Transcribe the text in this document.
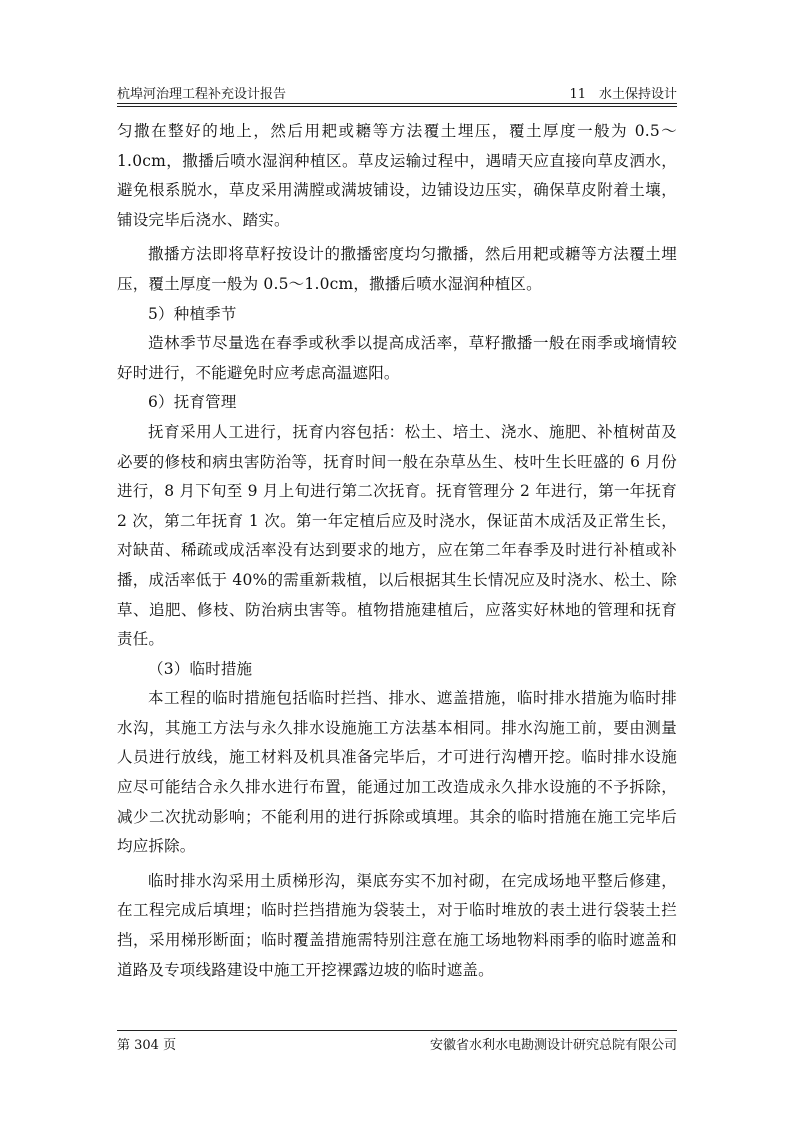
杭埠河治理工程补充设计报告	11　水土保持设计

匀撒在整好的地上，然后用耙或耱等方法覆土埋压，覆土厚度一般为 0.5～1.0cm，撒播后喷水湿润种植区。草皮运输过程中，遇晴天应直接向草皮洒水，避免根系脱水，草皮采用满膛或满坡铺设，边铺设边压实，确保草皮附着土壤，铺设完毕后浇水、踏实。

撒播方法即将草籽按设计的撒播密度均匀撒播，然后用耙或耱等方法覆土埋压，覆土厚度一般为 0.5～1.0cm，撒播后喷水湿润种植区。

5）种植季节

造林季节尽量选在春季或秋季以提高成活率，草籽撒播一般在雨季或墒情较好时进行，不能避免时应考虑高温遮阳。

6）抚育管理

抚育采用人工进行，抚育内容包括：松土、培土、浇水、施肥、补植树苗及必要的修枝和病虫害防治等，抚育时间一般在杂草丛生、枝叶生长旺盛的 6 月份进行，8 月下旬至 9 月上旬进行第二次抚育。抚育管理分 2 年进行，第一年抚育 2 次，第二年抚育 1 次。第一年定植后应及时浇水，保证苗木成活及正常生长，对缺苗、稀疏或成活率没有达到要求的地方，应在第二年春季及时进行补植或补播，成活率低于 40%的需重新栽植，以后根据其生长情况应及时浇水、松土、除草、追肥、修枝、防治病虫害等。植物措施建植后，应落实好林地的管理和抚育责任。

（3）临时措施

本工程的临时措施包括临时拦挡、排水、遮盖措施，临时排水措施为临时排水沟，其施工方法与永久排水设施施工方法基本相同。排水沟施工前，要由测量人员进行放线，施工材料及机具准备完毕后，才可进行沟槽开挖。临时排水设施应尽可能结合永久排水进行布置，能通过加工改造成永久排水设施的不予拆除，减少二次扰动影响；不能利用的进行拆除或填埋。其余的临时措施在施工完毕后均应拆除。

临时排水沟采用土质梯形沟，渠底夯实不加衬砌，在完成场地平整后修建，在工程完成后填埋；临时拦挡措施为袋装土，对于临时堆放的表土进行袋装土拦挡，采用梯形断面；临时覆盖措施需特别注意在施工场地物料雨季的临时遮盖和道路及专项线路建设中施工开挖裸露边坡的临时遮盖。

第 304 页	安徽省水利水电勘测设计研究总院有限公司
